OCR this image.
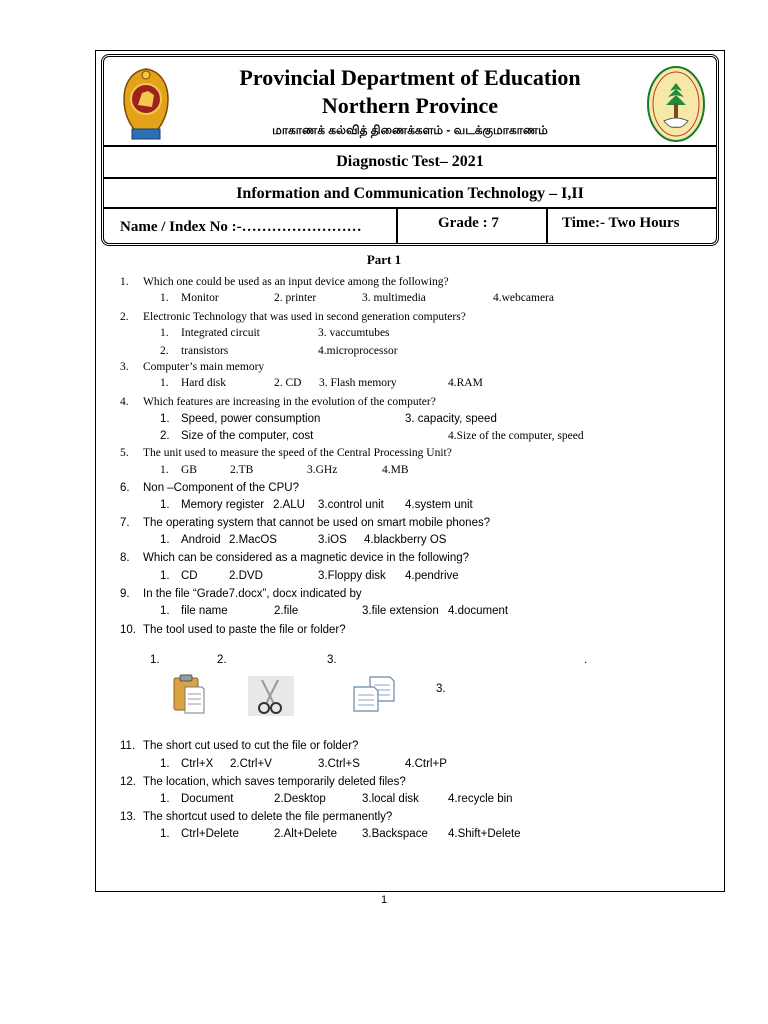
Provincial Department of Education
Northern Province
மாகாணக் கல்வித் திணைக்களம் - வடக்குமாகாணம்
Diagnostic Test– 2021
Information and Communication Technology – I,II
Name / Index No :-……………………	Grade : 7	Time:- Two Hours
Part 1
1. Which one could be used as an input device among the following?
1. Monitor	2. printer	3. multimedia	4.webcamera
2. Electronic Technology that was used in second generation computers?
1. Integrated circuit	3. vaccumtubes
2. transistors	4.microprocessor
3. Computer’s main memory
1. Hard disk	2. CD 3. Flash memory	4.RAM
4. Which features are increasing in the evolution of the computer?
1. Speed, power consumption	3. capacity, speed
2. Size of the computer, cost	4.Size of the computer, speed
5. The unit used to measure the speed of the Central Processing Unit?
1. GB	2.TB	3.GHz	4.MB
6. Non –Component of the CPU?
1. Memory register 2.ALU 3.control unit 4.system unit
7. The operating system that cannot be used on smart mobile phones?
1. Android 2.MacOS	3.iOS 4.blackberry OS
8. Which can be considered as a magnetic device in the following?
1. CD	2.DVD	3.Floppy disk 4.pendrive
9. In the file “Grade7.docx”, docx indicated by
1. file name	2.file	3.file extension 4.document
10. The tool used to paste the file or folder?
1.	2.	3.	.
3.
11. The short cut used to cut the file or folder?
1. Ctrl+X 2.Ctrl+V	3.Ctrl+S	4.Ctrl+P
12. The location, which saves temporarily deleted files?
1. Document	2.Desktop	3.local disk	4.recycle bin
13. The shortcut used to delete the file permanently?
1. Ctrl+Delete	2.Alt+Delete 3.Backspace 4.Shift+Delete
1
